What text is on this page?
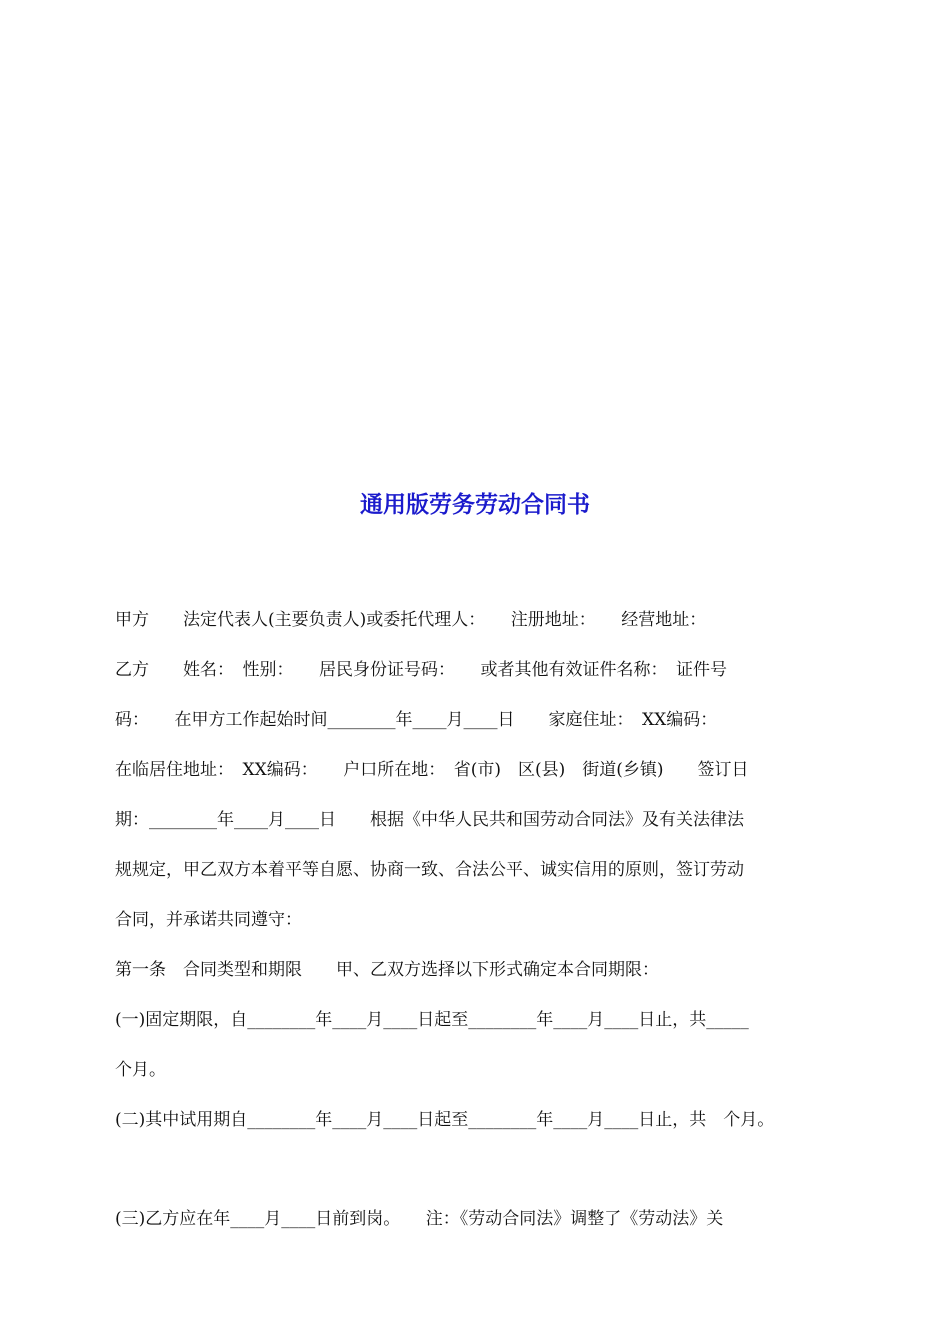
通用版劳务劳动合同书
甲方　　法定代表人(主要负责人)或委托代理人：　　注册地址：　　经营地址：
乙方　　姓名：　性别：　　居民身份证号码：　　或者其他有效证件名称：　证件号
码：　　在甲方工作起始时间________年____月____日　　家庭住址：　XX编码：
在临居住地址：　XX编码：　　户口所在地：　省(市)　区(县)　街道(乡镇)　　签订日
期：________年____月____日　　根据《中华人民共和国劳动合同法》及有关法律法
规规定，甲乙双方本着平等自愿、协商一致、合法公平、诚实信用的原则，签订劳动
合同，并承诺共同遵守：
第一条　合同类型和期限　　甲、乙双方选择以下形式确定本合同期限：
(一)固定期限，自________年____月____日起至________年____月____日止，共_____
个月。
(二)其中试用期自________年____月____日起至________年____月____日止，共　个月。
(三)乙方应在年____月____日前到岗。　　注：《劳动合同法》调整了《劳动法》关
